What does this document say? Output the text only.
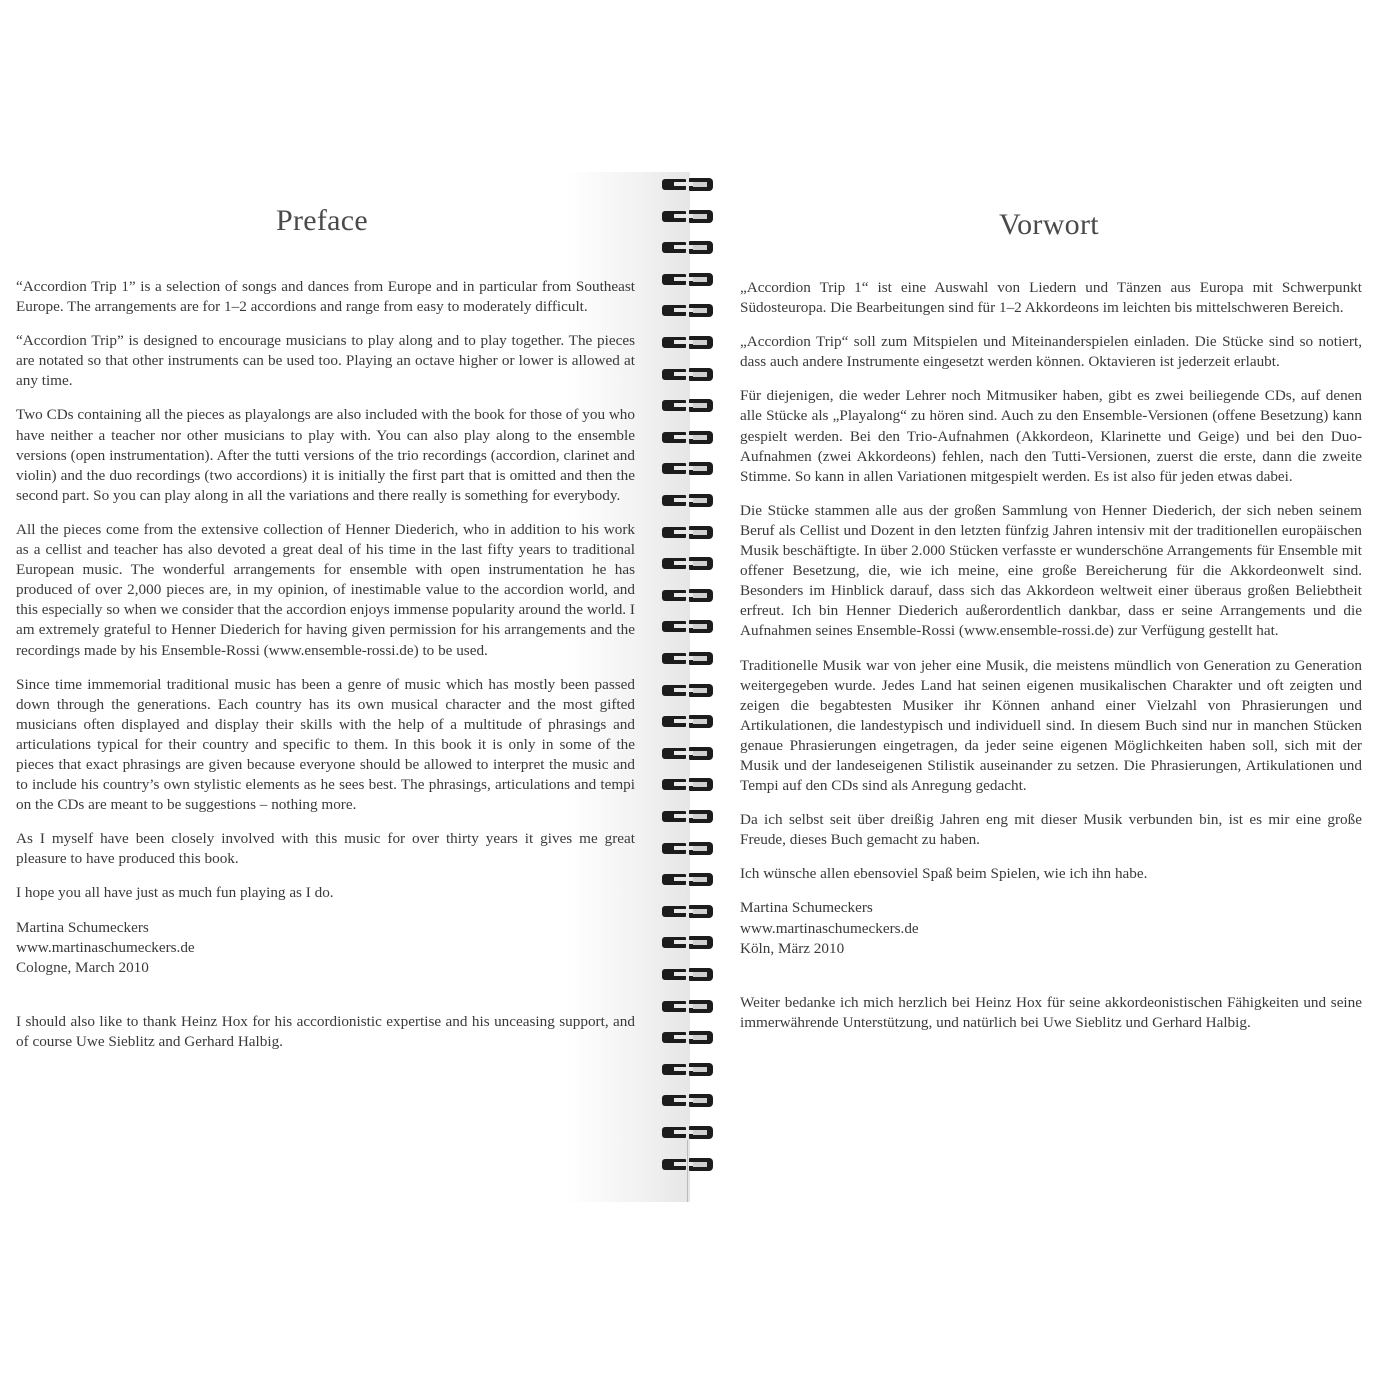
Preface

“Accordion Trip 1” is a selection of songs and dances from Europe and in particular from Southeast Europe. The arrangements are for 1–2 accordions and range from easy to moderately difficult.

“Accordion Trip” is designed to encourage musicians to play along and to play together. The pieces are notated so that other instruments can be used too. Playing an octave higher or lower is allowed at any time.

Two CDs containing all the pieces as playalongs are also included with the book for those of you who have neither a teacher nor other musicians to play with. You can also play along to the ensemble versions (open instrumentation). After the tutti versions of the trio recordings (accordion, clarinet and violin) and the duo recordings (two accordions) it is initially the first part that is omitted and then the second part. So you can play along in all the variations and there really is something for everybody.

All the pieces come from the extensive collection of Henner Diederich, who in addition to his work as a cellist and teacher has also devoted a great deal of his time in the last fifty years to traditional European music. The wonderful arrangements for ensemble with open instrumentation he has produced of over 2,000 pieces are, in my opinion, of inestimable value to the accordion world, and this especially so when we consider that the accordion enjoys immense popularity around the world. I am extremely grateful to Henner Diederich for having given permission for his arrangements and the recordings made by his Ensemble-Rossi (www.ensemble-rossi.de) to be used.

Since time immemorial traditional music has been a genre of music which has mostly been passed down through the generations. Each country has its own musical character and the most gifted musicians often displayed and display their skills with the help of a multitude of phrasings and articulations typical for their country and specific to them. In this book it is only in some of the pieces that exact phrasings are given because everyone should be allowed to interpret the music and to include his country’s own stylistic elements as he sees best. The phrasings, articulations and tempi on the CDs are meant to be suggestions – nothing more.

As I myself have been closely involved with this music for over thirty years it gives me great pleasure to have produced this book.

I hope you all have just as much fun playing as I do.

Martina Schumeckers
www.martinaschumeckers.de
Cologne, March 2010

I should also like to thank Heinz Hox for his accordionistic expertise and his unceasing support, and of course Uwe Sieblitz and Gerhard Halbig.

Vorwort

„Accordion Trip 1“ ist eine Auswahl von Liedern und Tänzen aus Europa mit Schwerpunkt Südosteuropa. Die Bearbeitungen sind für 1–2 Akkordeons im leichten bis mittelschweren Bereich.

„Accordion Trip“ soll zum Mitspielen und Miteinanderspielen einladen. Die Stücke sind so notiert, dass auch andere Instrumente eingesetzt werden können. Oktavieren ist jederzeit erlaubt.

Für diejenigen, die weder Lehrer noch Mitmusiker haben, gibt es zwei beiliegende CDs, auf denen alle Stücke als „Playalong“ zu hören sind. Auch zu den Ensemble-Versionen (offene Besetzung) kann gespielt werden. Bei den Trio-Aufnahmen (Akkordeon, Klarinette und Geige) und bei den Duo-Aufnahmen (zwei Akkordeons) fehlen, nach den Tutti-Versionen, zuerst die erste, dann die zweite Stimme. So kann in allen Variationen mitgespielt werden. Es ist also für jeden etwas dabei.

Die Stücke stammen alle aus der großen Sammlung von Henner Diederich, der sich neben seinem Beruf als Cellist und Dozent in den letzten fünfzig Jahren intensiv mit der traditionellen europäischen Musik beschäftigte. In über 2.000 Stücken verfasste er wunderschöne Arrangements für Ensemble mit offener Besetzung, die, wie ich meine, eine große Bereicherung für die Akkordeonwelt sind. Besonders im Hinblick darauf, dass sich das Akkordeon weltweit einer überaus großen Beliebtheit erfreut. Ich bin Henner Diederich außerordentlich dankbar, dass er seine Arrangements und die Aufnahmen seines Ensemble-Rossi (www.ensemble-rossi.de) zur Verfügung gestellt hat.

Traditionelle Musik war von jeher eine Musik, die meistens mündlich von Generation zu Generation weitergegeben wurde. Jedes Land hat seinen eigenen musikalischen Charakter und oft zeigten und zeigen die begabtesten Musiker ihr Können anhand einer Vielzahl von Phrasierungen und Artikulationen, die landestypisch und individuell sind. In diesem Buch sind nur in manchen Stücken genaue Phrasierungen eingetragen, da jeder seine eigenen Möglichkeiten haben soll, sich mit der Musik und der landeseigenen Stilistik auseinander zu setzen. Die Phrasierungen, Artikulationen und Tempi auf den CDs sind als Anregung gedacht.

Da ich selbst seit über dreißig Jahren eng mit dieser Musik verbunden bin, ist es mir eine große Freude, dieses Buch gemacht zu haben.

Ich wünsche allen ebensoviel Spaß beim Spielen, wie ich ihn habe.

Martina Schumeckers
www.martinaschumeckers.de
Köln, März 2010

Weiter bedanke ich mich herzlich bei Heinz Hox für seine akkordeonistischen Fähigkeiten und seine immerwährende Unterstützung, und natürlich bei Uwe Sieblitz und Gerhard Halbig.
